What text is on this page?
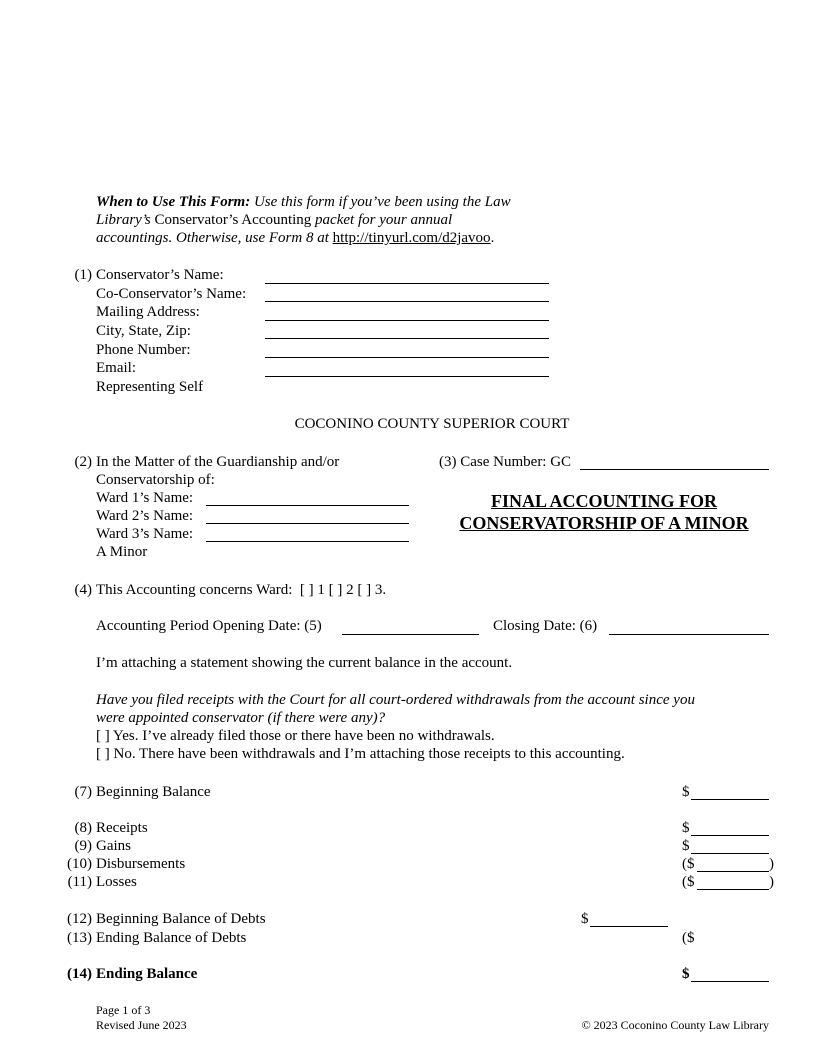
When to Use This Form: Use this form if you’ve been using the Law
Library’s Conservator’s Accounting packet for your annual
accountings. Otherwise, use Form 8 at http://tinyurl.com/d2javoo.
(1) Conservator’s Name:
Co-Conservator’s Name:
Mailing Address:
City, State, Zip:
Phone Number:
Email:
Representing Self
COCONINO COUNTY SUPERIOR COURT
(2) In the Matter of the Guardianship and/or
Conservatorship of:
Ward 1’s Name:
Ward 2’s Name:
Ward 3’s Name:
A Minor
(3) Case Number: GC
FINAL ACCOUNTING FOR
CONSERVATORSHIP OF A MINOR
(4) This Accounting concerns Ward: [ ] 1 [ ] 2 [ ] 3.
Accounting Period Opening Date: (5)	Closing Date: (6)
I’m attaching a statement showing the current balance in the account.
Have you filed receipts with the Court for all court-ordered withdrawals from the account since you
were appointed conservator (if there were any)?
[ ] Yes. I’ve already filed those or there have been no withdrawals.
[ ] No. There have been withdrawals and I’m attaching those receipts to this accounting.
(7) Beginning Balance	$
(8) Receipts	$
(9) Gains	$
(10) Disbursements	($	)
(11) Losses	($	)
(12) Beginning Balance of Debts	$
(13) Ending Balance of Debts	($
(14) Ending Balance	$
Page 1 of 3
Revised June 2023	© 2023 Coconino County Law Library
